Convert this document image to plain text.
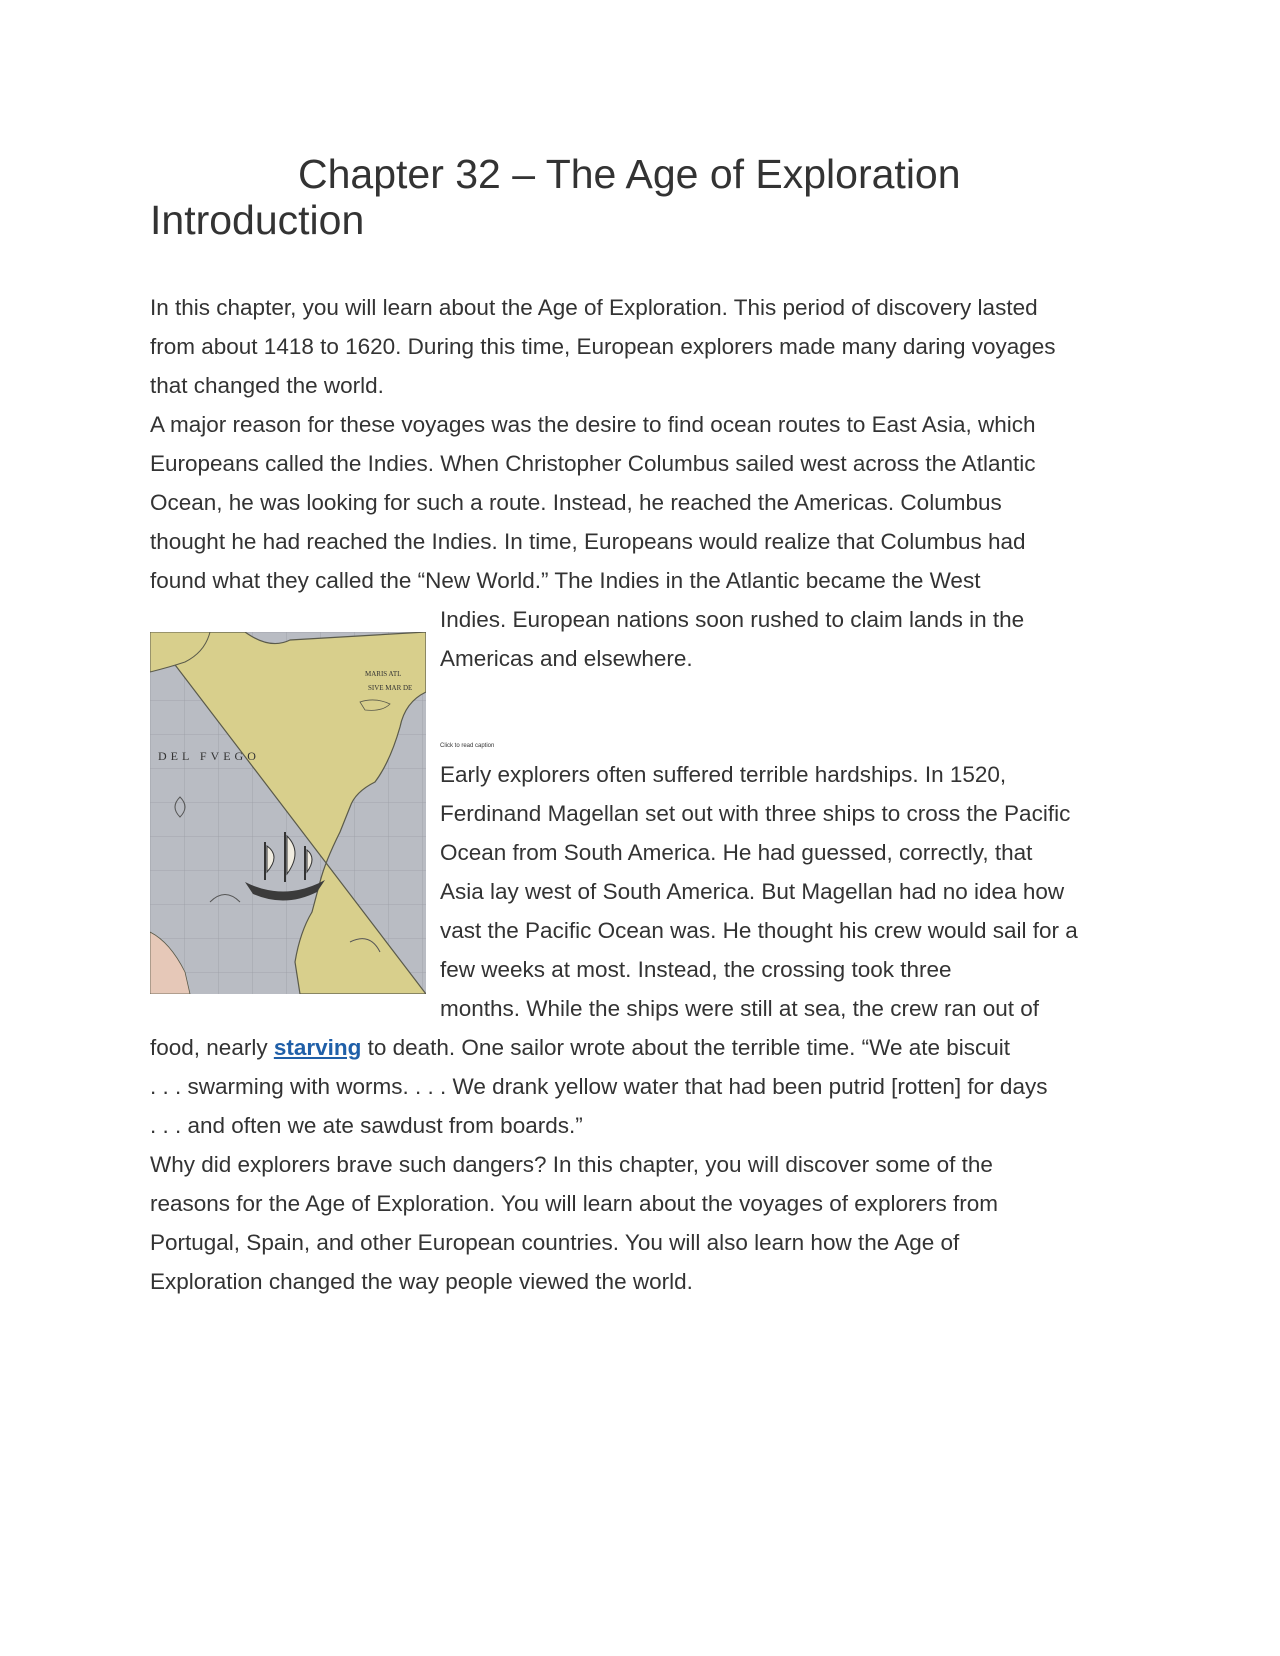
Chapter 32 – The Age of Exploration
Introduction

In this chapter, you will learn about the Age of Exploration. This period of discovery lasted

from about 1418 to 1620. During this time, European explorers made many daring voyages

that changed the world.

A major reason for these voyages was the desire to find ocean routes to East Asia, which

Europeans called the Indies. When Christopher Columbus sailed west across the Atlantic

Ocean, he was looking for such a route. Instead, he reached the Americas. Columbus

thought he had reached the Indies. In time, Europeans would realize that Columbus had

found what they called the “New World.” The Indies in the Atlantic became the West

Indies. European nations soon rushed to claim lands in the

Americas and elsewhere.

MARIS ATL
SIVE MAR DE
DEL FVEGO
Click to read caption

Early explorers often suffered terrible hardships. In 1520,

Ferdinand Magellan set out with three ships to cross the Pacific

Ocean from South America. He had guessed, correctly, that

Asia lay west of South America. But Magellan had no idea how

vast the Pacific Ocean was. He thought his crew would sail for a

few weeks at most. Instead, the crossing took three

months. While the ships were still at sea, the crew ran out of

food, nearly starving to death. One sailor wrote about the terrible time. “We ate biscuit

. . . swarming with worms. . . . We drank yellow water that had been putrid [rotten] for days

. . . and often we ate sawdust from boards.”

Why did explorers brave such dangers? In this chapter, you will discover some of the

reasons for the Age of Exploration. You will learn about the voyages of explorers from

Portugal, Spain, and other European countries. You will also learn how the Age of

Exploration changed the way people viewed the world.
